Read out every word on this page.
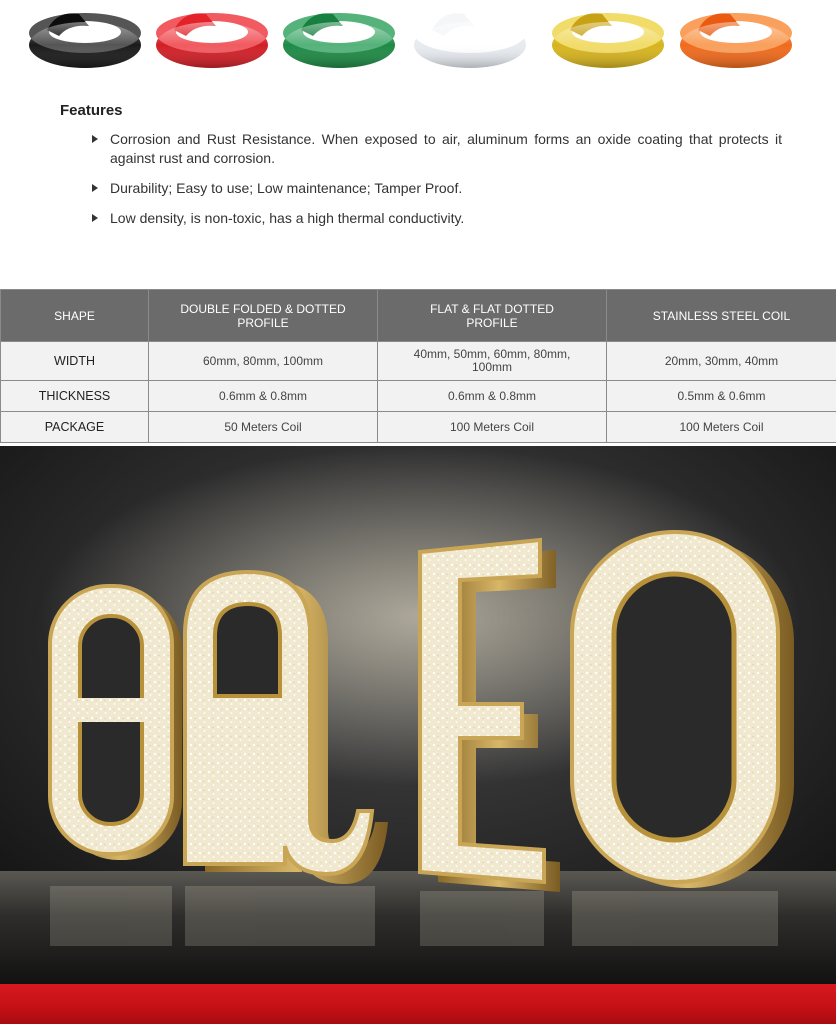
Features
Corrosion and Rust Resistance. When exposed to air, aluminum forms an oxide coating that protects it against rust and corrosion.
Durability; Easy to use; Low maintenance; Tamper Proof.
Low density, is non-toxic, has a high thermal conductivity.
SHAPE	DOUBLE FOLDED & DOTTED PROFILE	FLAT & FLAT DOTTED PROFILE	STAINLESS STEEL COIL
WIDTH	60mm, 80mm, 100mm	40mm, 50mm, 60mm, 80mm, 100mm	20mm, 30mm, 40mm
THICKNESS	0.6mm & 0.8mm	0.6mm & 0.8mm	0.5mm & 0.6mm
PACKAGE	50 Meters Coil	100 Meters Coil	100 Meters Coil
